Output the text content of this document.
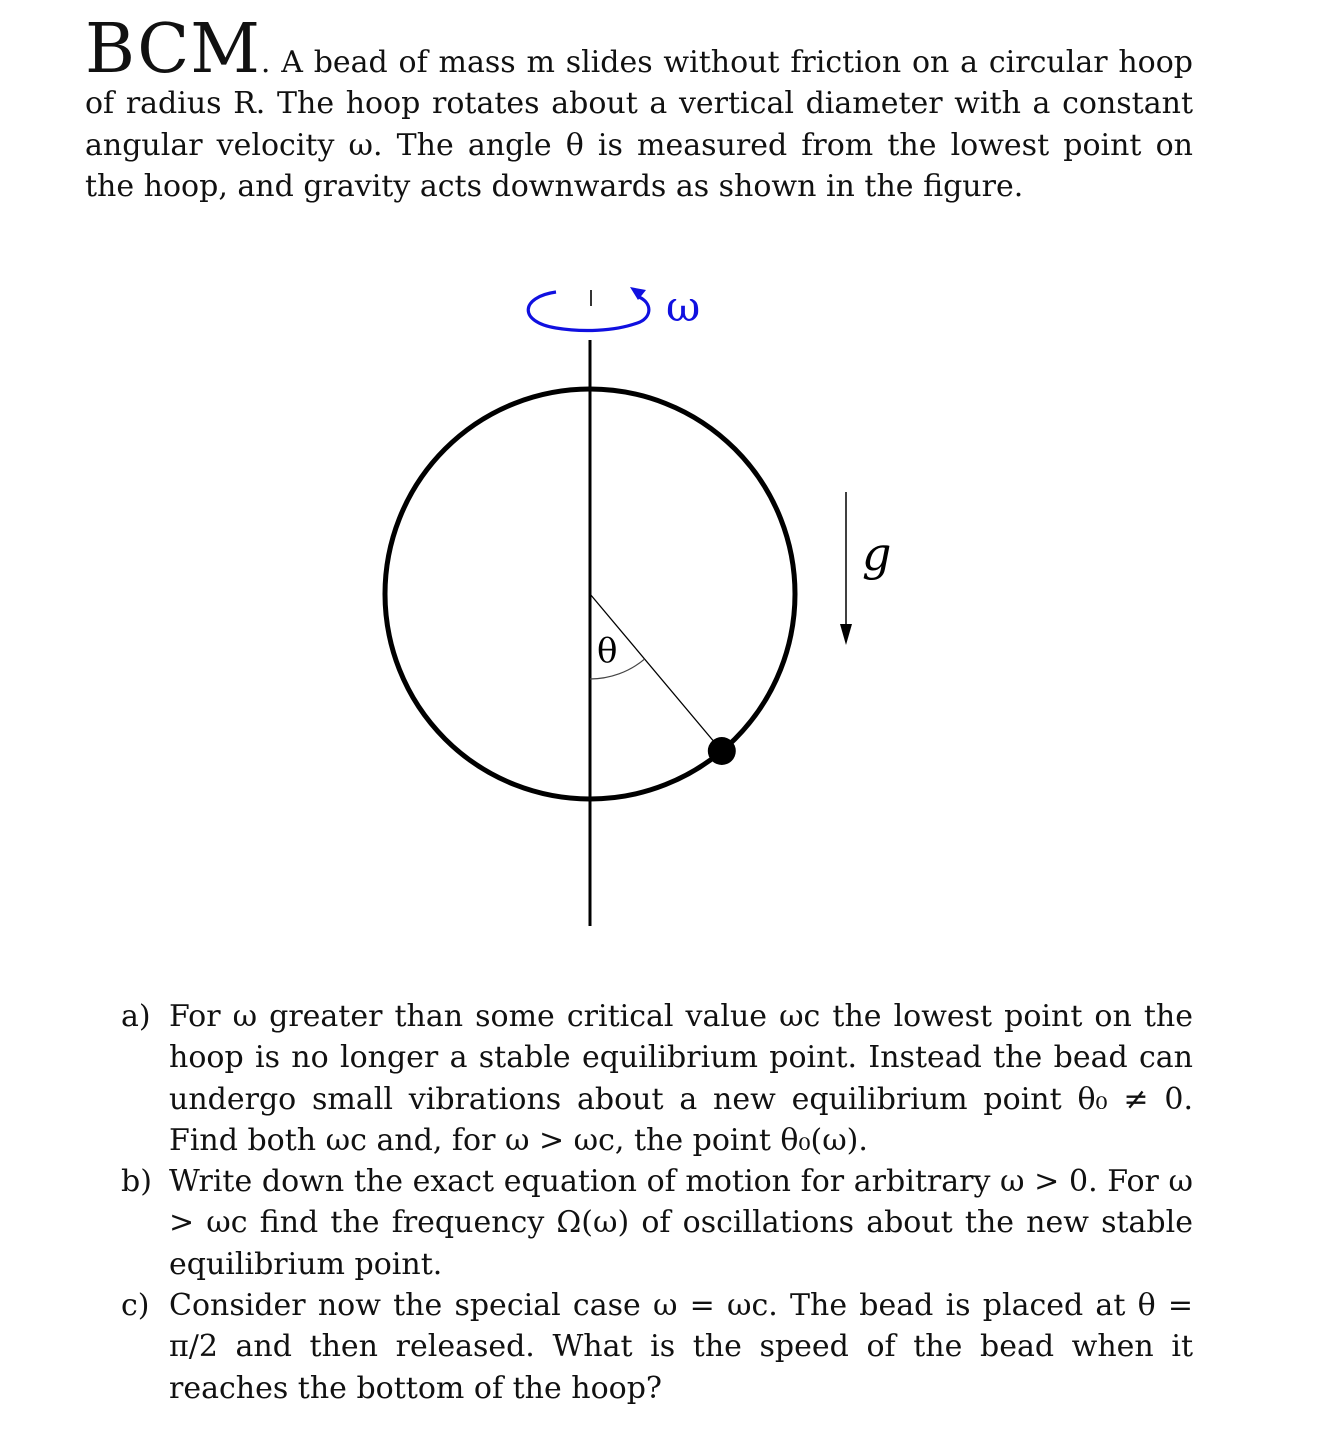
BCM. A bead of mass m slides without friction on a circular hoop of radius R. The hoop rotates about a vertical diameter with a constant angular velocity ω. The angle θ is measured from the lowest point on the hoop, and gravity acts downwards as shown in the figure.
ω
θ
g
a) For ω greater than some critical value ωc the lowest point on the hoop is no longer a stable equilibrium point. Instead the bead can undergo small vibrations about a new equilibrium point θ₀ ≠ 0. Find both ωc and, for ω > ωc, the point θ₀(ω).
b) Write down the exact equation of motion for arbitrary ω > 0. For ω > ωc find the frequency Ω(ω) of oscillations about the new stable equilibrium point.
c) Consider now the special case ω = ωc. The bead is placed at θ = π/2 and then released. What is the speed of the bead when it reaches the bottom of the hoop?
